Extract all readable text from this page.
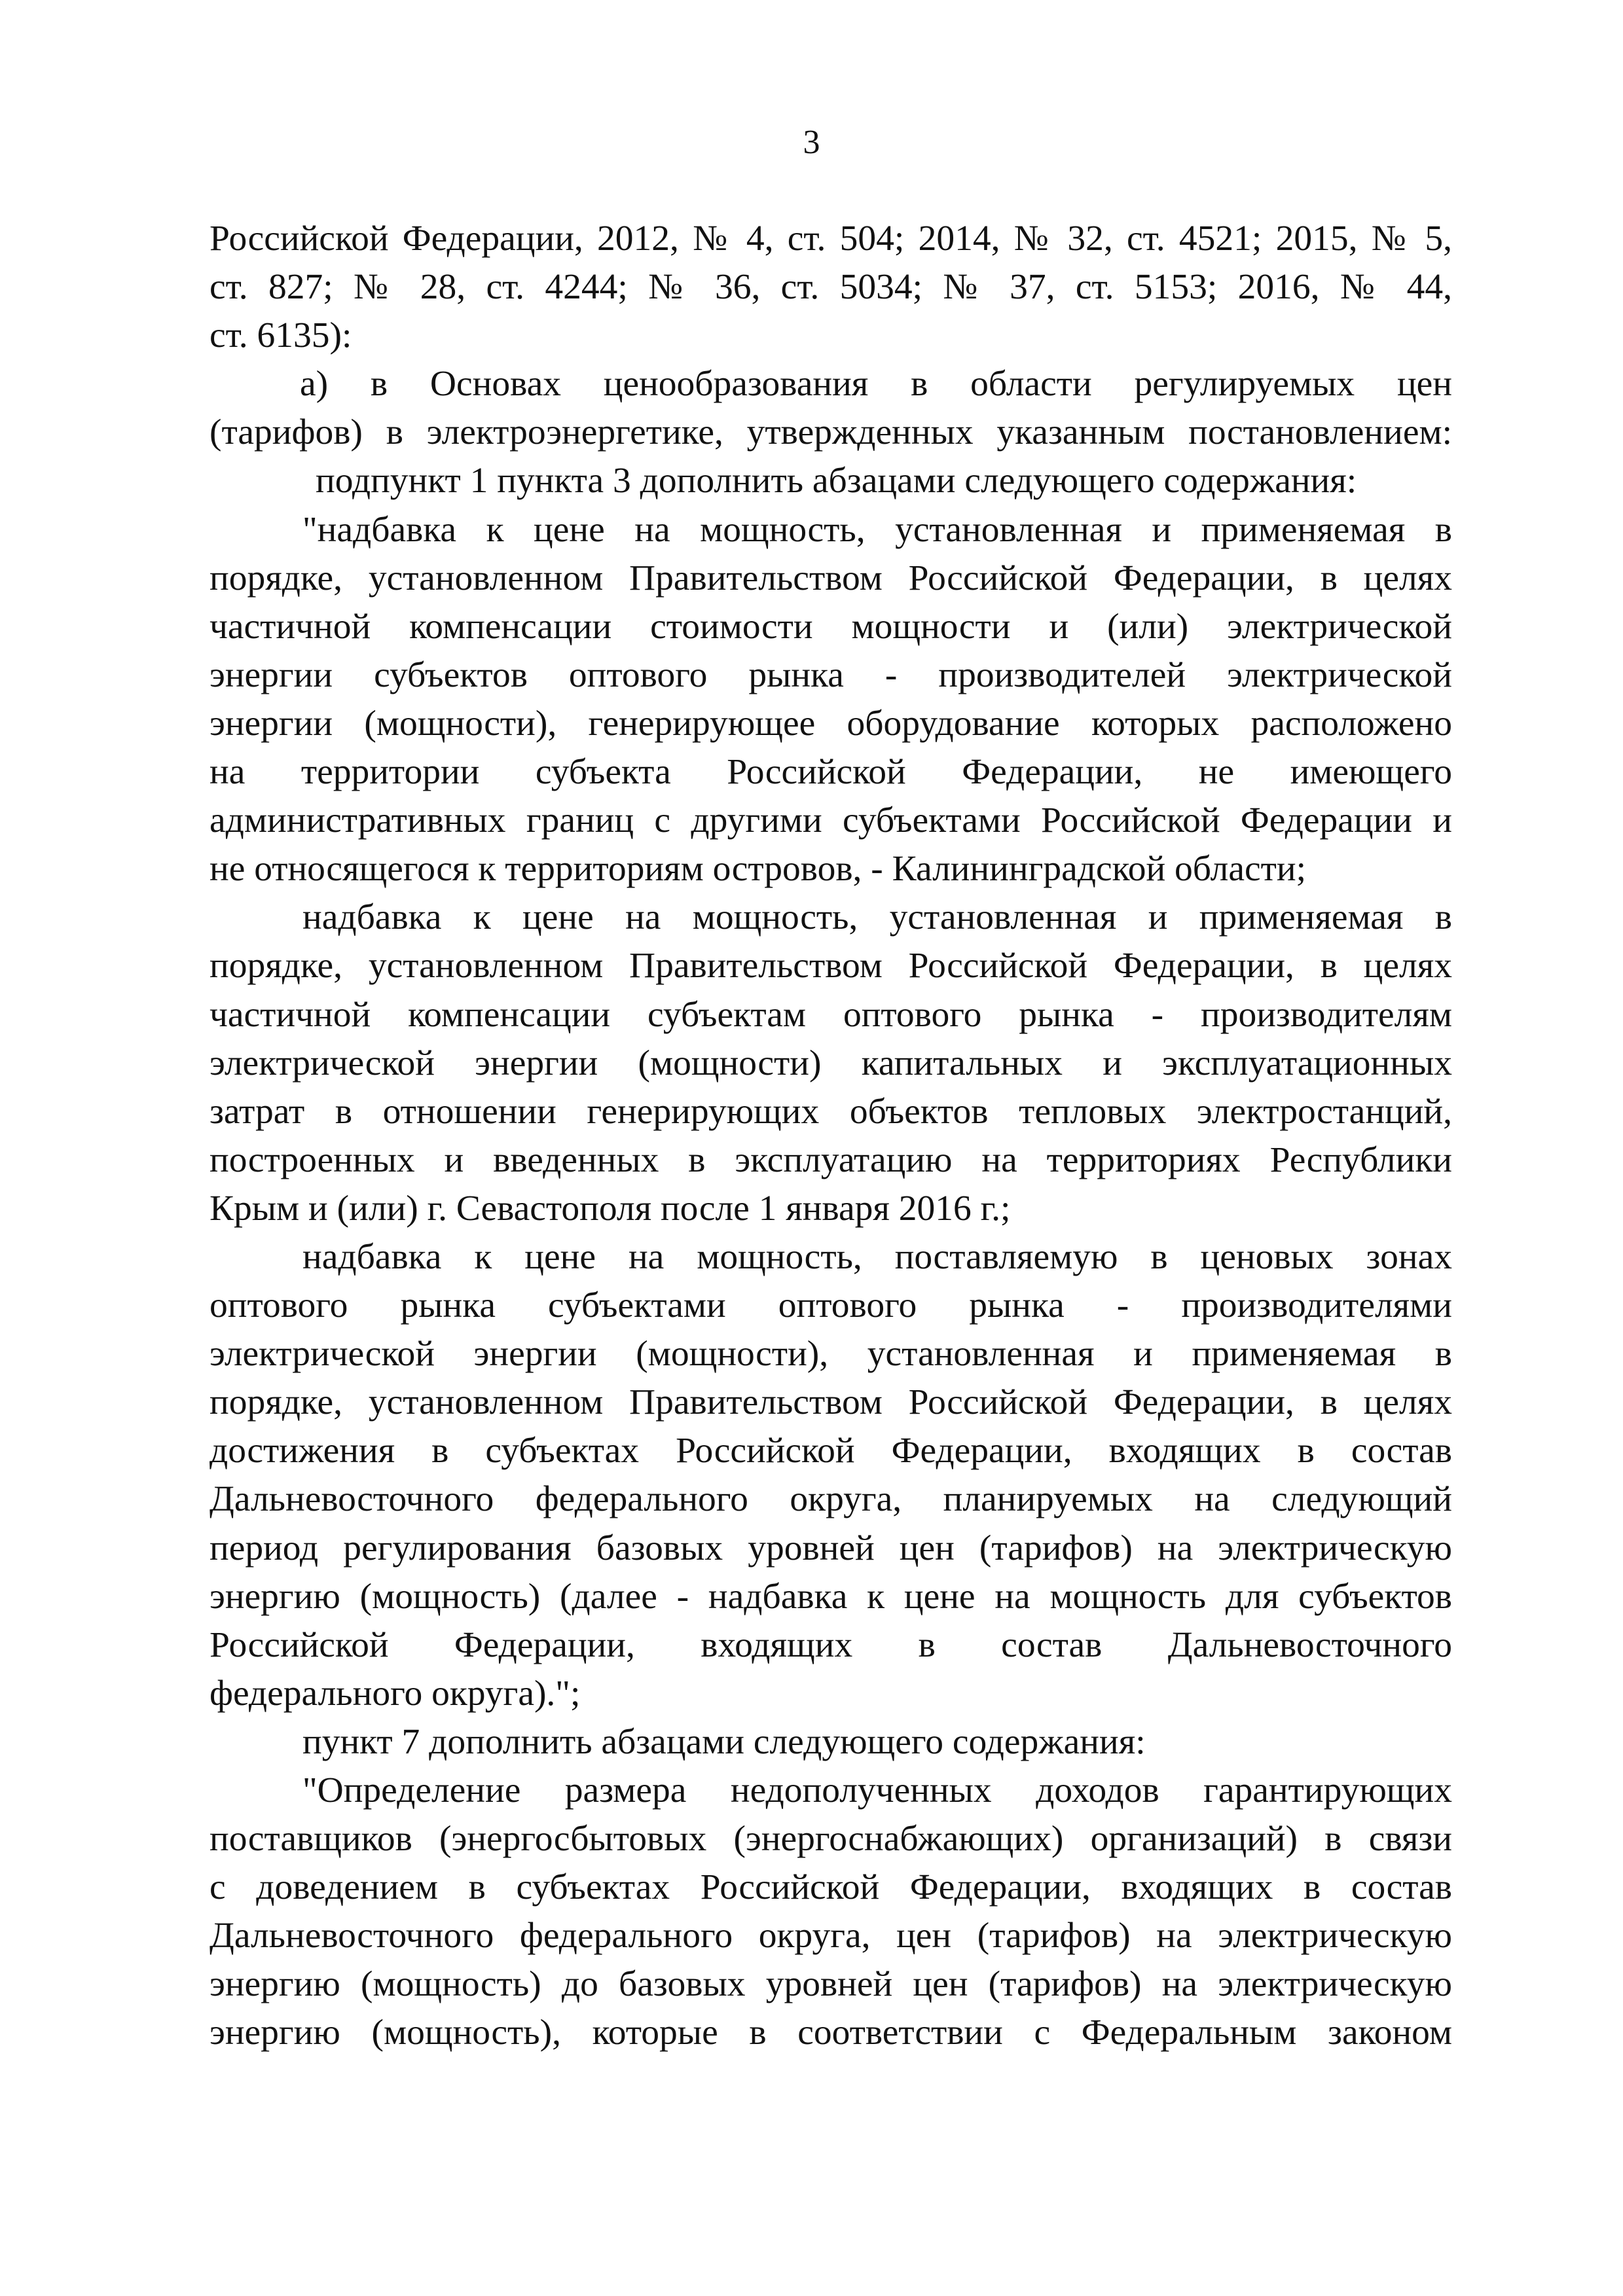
3
Российской Федерации, 2012, № 4, ст. 504; 2014, № 32, ст. 4521; 2015, № 5,
ст. 827; № 28, ст. 4244; № 36, ст. 5034; № 37, ст. 5153; 2016, № 44,
ст. 6135):
а) в Основах ценообразования в области регулируемых цен
(тарифов) в электроэнергетике, утвержденных указанным постановлением:
подпункт 1 пункта 3 дополнить абзацами следующего содержания:
"надбавка к цене на мощность, установленная и применяемая в
порядке, установленном Правительством Российской Федерации, в целях
частичной компенсации стоимости мощности и (или) электрической
энергии субъектов оптового рынка - производителей электрической
энергии (мощности), генерирующее оборудование которых расположено
на территории субъекта Российской Федерации, не имеющего
административных границ с другими субъектами Российской Федерации и
не относящегося к территориям островов, - Калининградской области;
надбавка к цене на мощность, установленная и применяемая в
порядке, установленном Правительством Российской Федерации, в целях
частичной компенсации субъектам оптового рынка - производителям
электрической энергии (мощности) капитальных и эксплуатационных
затрат в отношении генерирующих объектов тепловых электростанций,
построенных и введенных в эксплуатацию на территориях Республики
Крым и (или) г. Севастополя после 1 января 2016 г.;
надбавка к цене на мощность, поставляемую в ценовых зонах
оптового рынка субъектами оптового рынка - производителями
электрической энергии (мощности), установленная и применяемая в
порядке, установленном Правительством Российской Федерации, в целях
достижения в субъектах Российской Федерации, входящих в состав
Дальневосточного федерального округа, планируемых на следующий
период регулирования базовых уровней цен (тарифов) на электрическую
энергию (мощность) (далее - надбавка к цене на мощность для субъектов
Российской Федерации, входящих в состав Дальневосточного
федерального округа).";
пункт 7 дополнить абзацами следующего содержания:
"Определение размера недополученных доходов гарантирующих
поставщиков (энергосбытовых (энергоснабжающих) организаций) в связи
с доведением в субъектах Российской Федерации, входящих в состав
Дальневосточного федерального округа, цен (тарифов) на электрическую
энергию (мощность) до базовых уровней цен (тарифов) на электрическую
энергию (мощность), которые в соответствии с Федеральным законом
